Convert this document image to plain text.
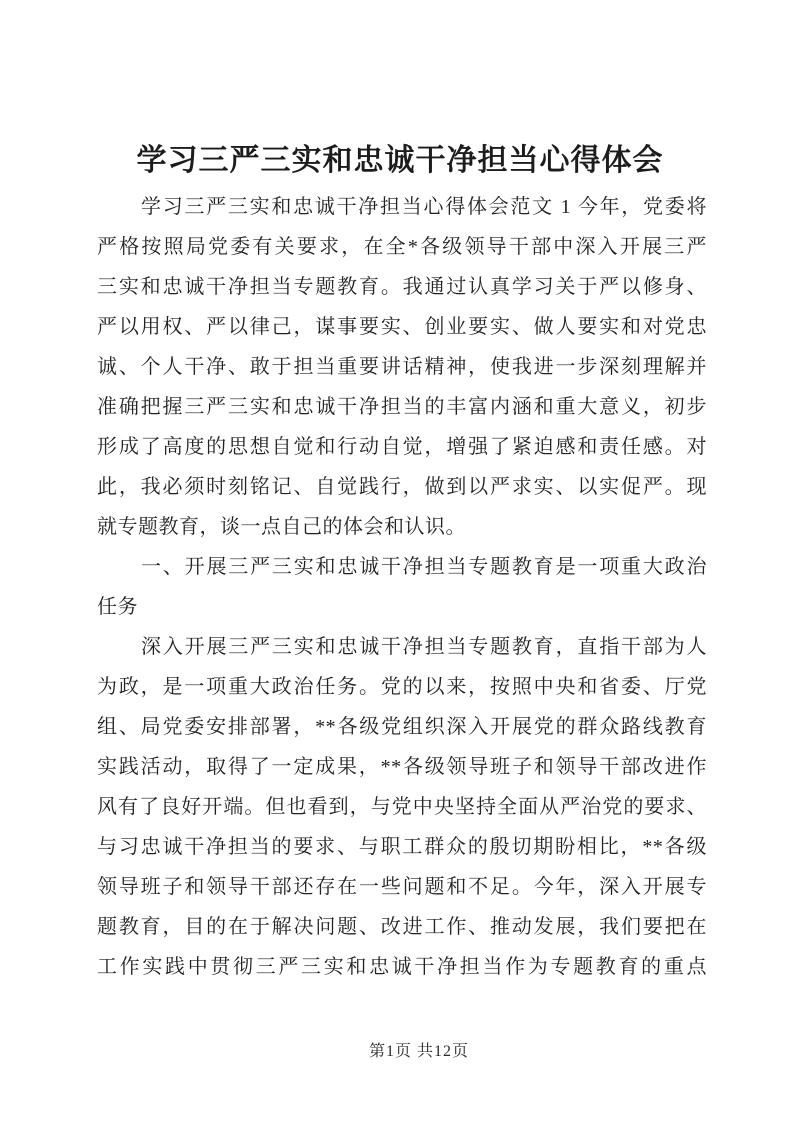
学习三严三实和忠诚干净担当心得体会
学习三严三实和忠诚干净担当心得体会范文 1 今年，党委将
严格按照局党委有关要求，在全*各级领导干部中深入开展三严
三实和忠诚干净担当专题教育。我通过认真学习关于严以修身、
严以用权、严以律己，谋事要实、创业要实、做人要实和对党忠
诚、个人干净、敢于担当重要讲话精神，使我进一步深刻理解并
准确把握三严三实和忠诚干净担当的丰富内涵和重大意义，初步
形成了高度的思想自觉和行动自觉，增强了紧迫感和责任感。对
此，我必须时刻铭记、自觉践行，做到以严求实、以实促严。现
就专题教育，谈一点自己的体会和认识。
一、开展三严三实和忠诚干净担当专题教育是一项重大政治
任务
深入开展三严三实和忠诚干净担当专题教育，直指干部为人
为政，是一项重大政治任务。党的以来，按照中央和省委、厅党
组、局党委安排部署，**各级党组织深入开展党的群众路线教育
实践活动，取得了一定成果，**各级领导班子和领导干部改进作
风有了良好开端。但也看到，与党中央坚持全面从严治党的要求、
与习忠诚干净担当的要求、与职工群众的殷切期盼相比，**各级
领导班子和领导干部还存在一些问题和不足。今年，深入开展专
题教育，目的在于解决问题、改进工作、推动发展，我们要把在
工作实践中贯彻三严三实和忠诚干净担当作为专题教育的重点
第1页 共12页
